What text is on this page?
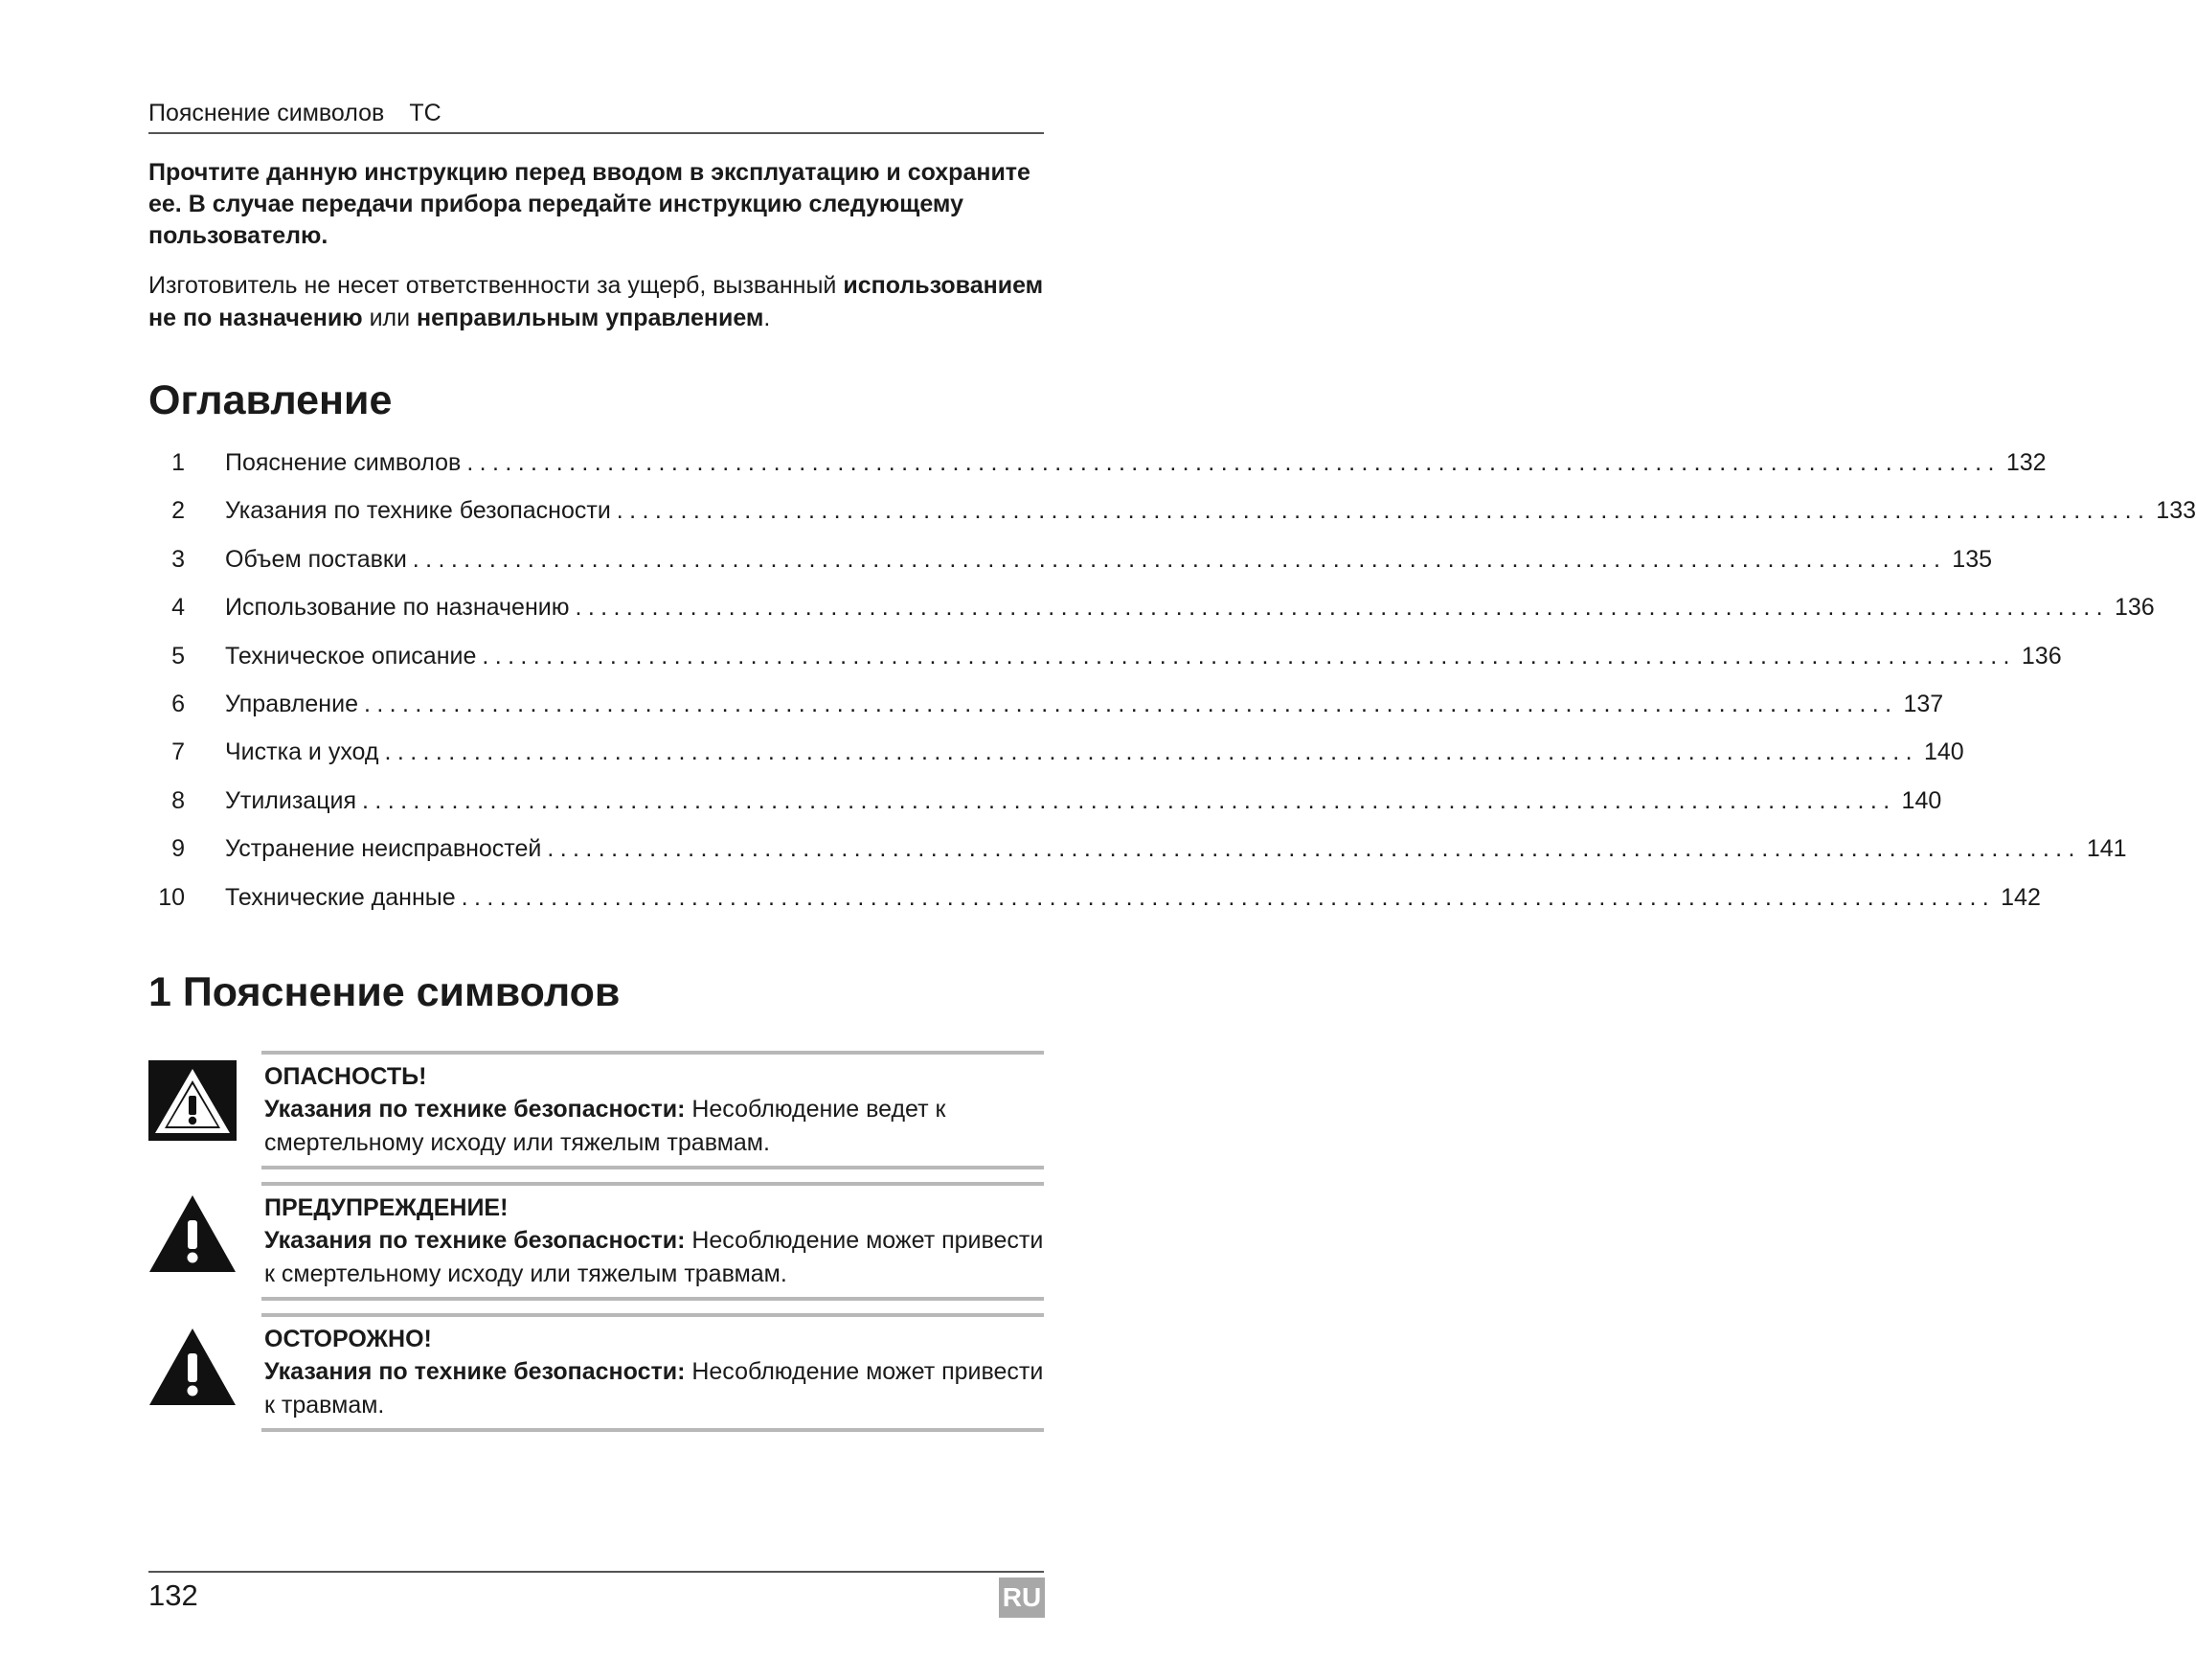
Пояснение символов TC
Прочтите данную инструкцию перед вводом в эксплуатацию и сохраните ее. В случае передачи прибора передайте инструкцию следующему пользователю.
Изготовитель не несет ответственности за ущерб, вызванный использованием не по назначению или неправильным управлением.
Оглавление
1 Пояснение символов ........................................................................................................................ 132
2 Указания по технике безопасности ........................................................................................................................ 133
3 Объем поставки ........................................................................................................................ 135
4 Использование по назначению ........................................................................................................................ 136
5 Техническое описание ........................................................................................................................ 136
6 Управление ........................................................................................................................ 137
7 Чистка и уход ........................................................................................................................ 140
8 Утилизация ........................................................................................................................ 140
9 Устранение неисправностей ........................................................................................................................ 141
10 Технические данные ........................................................................................................................ 142
1 Пояснение символов
ОПАСНОСТЬ!
Указания по технике безопасности: Несоблюдение ведет к смертельному исходу или тяжелым травмам.
ПРЕДУПРЕЖДЕНИЕ!
Указания по технике безопасности: Несоблюдение может привести к смертельному исходу или тяжелым травмам.
ОСТОРОЖНО!
Указания по технике безопасности: Несоблюдение может привести к травмам.
132	RU
